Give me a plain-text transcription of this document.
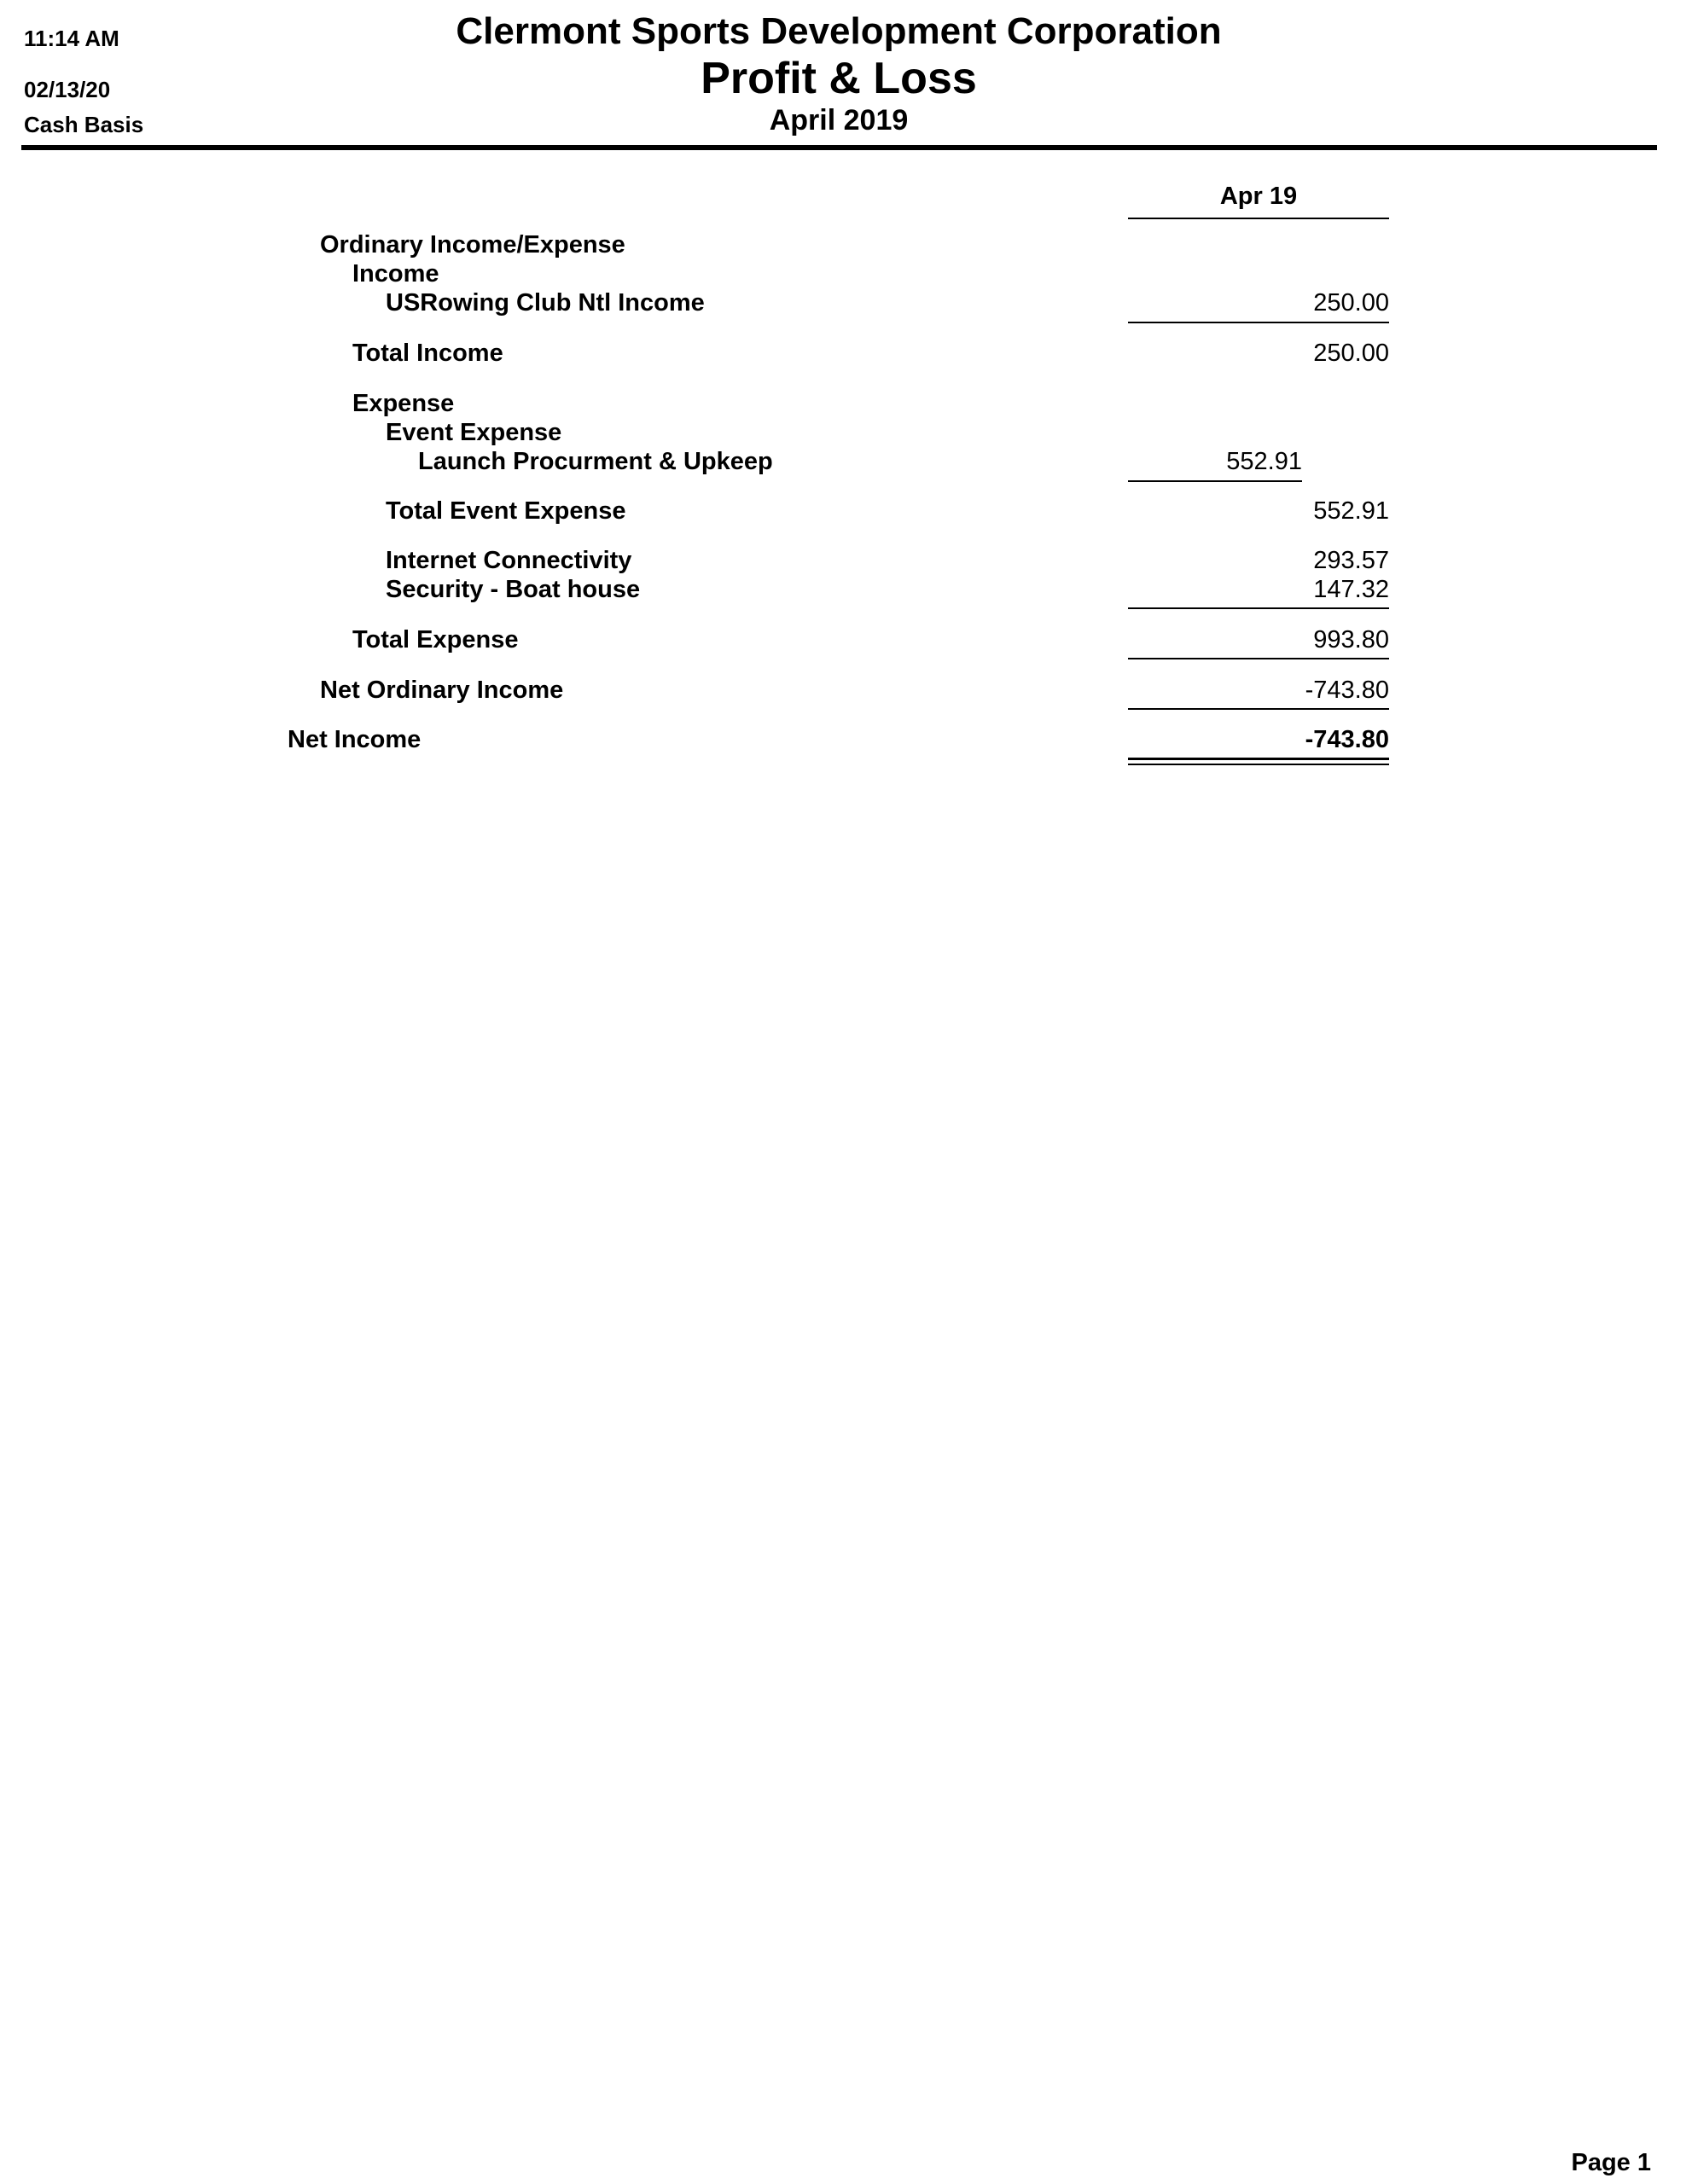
11:14 AM
02/13/20
Cash Basis
Clermont Sports Development Corporation
Profit & Loss
April 2019
Apr 19
Ordinary Income/Expense
Income
USRowing Club Ntl Income	250.00
Total Income	250.00
Expense
Event Expense
Launch Procurment & Upkeep	552.91
Total Event Expense	552.91
Internet Connectivity	293.57
Security - Boat house	147.32
Total Expense	993.80
Net Ordinary Income	-743.80
Net Income	-743.80
Page 1
